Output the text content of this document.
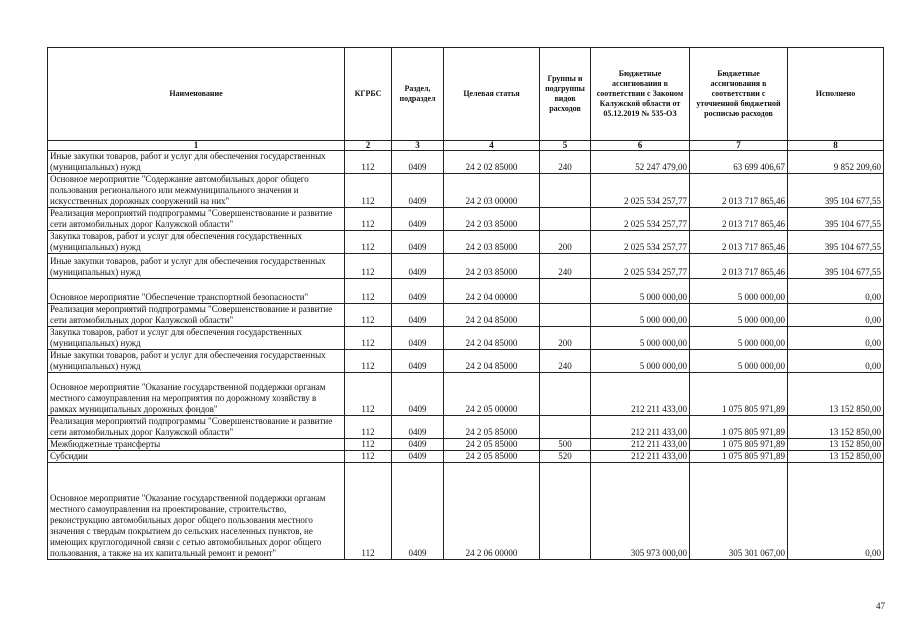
Наименование	КГРБС	Раздел, подраздел	Целевая статья	Группы и подгруппы видов расходов	Бюджетные ассигнования в соответствии с Законом Калужской области от 05.12.2019 № 535-ОЗ	Бюджетные ассигнования в соответствии с уточненной бюджетной росписью расходов	Исполнено
1	2	3	4	5	6	7	8
Иные закупки товаров, работ и услуг для обеспечения государственных (муниципальных) нужд	112	0409	24 2 02 85000	240	52 247 479,00	63 699 406,67	9 852 209,60
Основное мероприятие "Содержание автомобильных дорог общего пользования регионального или межмуниципального значения и искусственных дорожных сооружений на них"	112	0409	24 2 03 00000		2 025 534 257,77	2 013 717 865,46	395 104 677,55
Реализация мероприятий подпрограммы "Совершенствование и развитие сети автомобильных дорог Калужской области"	112	0409	24 2 03 85000		2 025 534 257,77	2 013 717 865,46	395 104 677,55
Закупка товаров, работ и услуг для обеспечения государственных (муниципальных) нужд	112	0409	24 2 03 85000	200	2 025 534 257,77	2 013 717 865,46	395 104 677,55
Иные закупки товаров, работ и услуг для обеспечения государственных (муниципальных) нужд	112	0409	24 2 03 85000	240	2 025 534 257,77	2 013 717 865,46	395 104 677,55
Основное мероприятие "Обеспечение транспортной безопасности"	112	0409	24 2 04 00000		5 000 000,00	5 000 000,00	0,00
Реализация мероприятий подпрограммы "Совершенствование и развитие сети автомобильных дорог Калужской области"	112	0409	24 2 04 85000		5 000 000,00	5 000 000,00	0,00
Закупка товаров, работ и услуг для обеспечения государственных (муниципальных) нужд	112	0409	24 2 04 85000	200	5 000 000,00	5 000 000,00	0,00
Иные закупки товаров, работ и услуг для обеспечения государственных (муниципальных) нужд	112	0409	24 2 04 85000	240	5 000 000,00	5 000 000,00	0,00
Основное мероприятие "Оказание государственной поддержки органам местного самоуправления на мероприятия по дорожному хозяйству в рамках муниципальных дорожных фондов"	112	0409	24 2 05 00000		212 211 433,00	1 075 805 971,89	13 152 850,00
Реализация мероприятий подпрограммы "Совершенствование и развитие сети автомобильных дорог Калужской области"	112	0409	24 2 05 85000		212 211 433,00	1 075 805 971,89	13 152 850,00
Межбюджетные трансферты	112	0409	24 2 05 85000	500	212 211 433,00	1 075 805 971,89	13 152 850,00
Субсидии	112	0409	24 2 05 85000	520	212 211 433,00	1 075 805 971,89	13 152 850,00
Основное мероприятие "Оказание государственной поддержки органам местного самоуправления на проектирование, строительство, реконструкцию автомобильных дорог общего пользования местного значения с твердым покрытием до сельских населенных пунктов, не имеющих круглогодичной связи с сетью автомобильных дорог общего пользования, а также на их капитальный ремонт и ремонт"	112	0409	24 2 06 00000		305 973 000,00	305 301 067,00	0,00
47
